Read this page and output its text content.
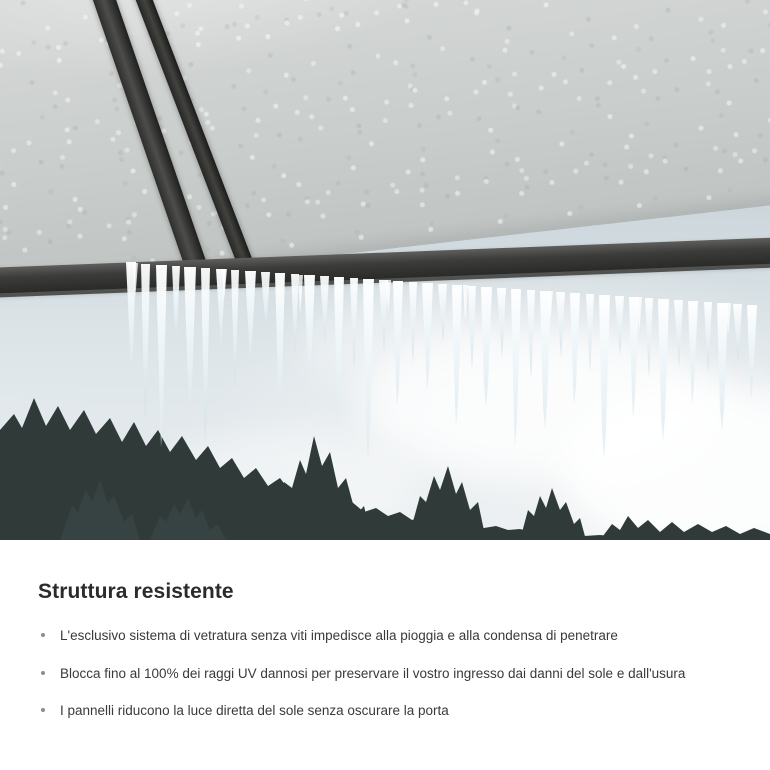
Struttura resistente
L'esclusivo sistema di vetratura senza viti impedisce alla pioggia e alla condensa di penetrare
Blocca fino al 100% dei raggi UV dannosi per preservare il vostro ingresso dai danni del sole e dall'usura
I pannelli riducono la luce diretta del sole senza oscurare la porta
